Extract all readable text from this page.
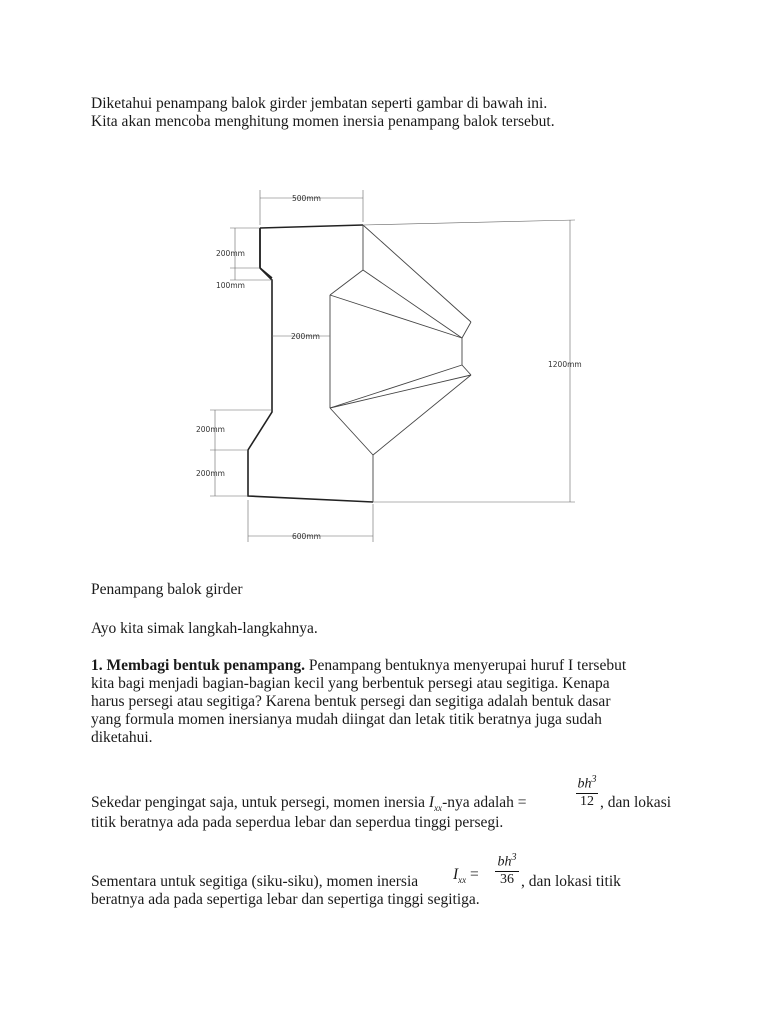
Diketahui penampang balok girder jembatan seperti gambar di bawah ini.

Kita akan mencoba menghitung momen inersia penampang balok tersebut.

500mm
200mm
100mm
200mm
1200mm
200mm
200mm
600mm

Penampang balok girder

Ayo kita simak langkah-langkahnya.

1. Membagi bentuk penampang. Penampang bentuknya menyerupai huruf I tersebut

kita bagi menjadi bagian-bagian kecil yang berbentuk persegi atau segitiga. Kenapa

harus persegi atau segitiga? Karena bentuk persegi dan segitiga adalah bentuk dasar

yang formula momen inersianya mudah diingat dan letak titik beratnya juga sudah

diketahui.

Sekedar pengingat saja, untuk persegi, momen inersia $I_{xx}$-nya adalah =	$\frac{bh^3}{12}$ , dan lokasi

titik beratnya ada pada seperdua lebar dan seperdua tinggi persegi.

Sementara untuk segitiga (siku-siku), momen inersia $I_{xx} = \frac{bh^3}{36}$ , dan lokasi titik

beratnya ada pada sepertiga lebar dan sepertiga tinggi segitiga.
